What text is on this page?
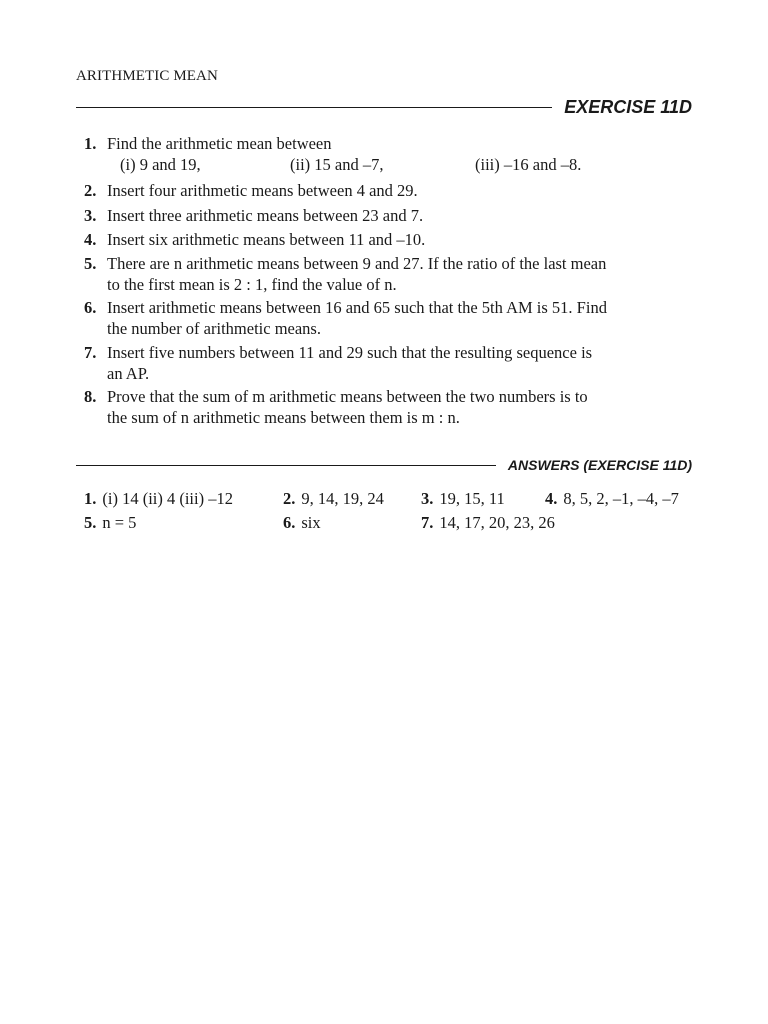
ARITHMETIC MEAN
EXERCISE 11D
1. Find the arithmetic mean between
(i) 9 and 19,	(ii) 15 and –7,	(iii) –16 and –8.
2. Insert four arithmetic means between 4 and 29.
3. Insert three arithmetic means between 23 and 7.
4. Insert six arithmetic means between 11 and –10.
5. There are n arithmetic means between 9 and 27. If the ratio of the last mean
to the first mean is 2 : 1, find the value of n.
6. Insert arithmetic means between 16 and 65 such that the 5th AM is 51. Find
the number of arithmetic means.
7. Insert five numbers between 11 and 29 such that the resulting sequence is
an AP.
8. Prove that the sum of m arithmetic means between the two numbers is to
the sum of n arithmetic means between them is m : n.
ANSWERS (EXERCISE 11D)
1. (i) 14 (ii) 4 (iii) –12	2. 9, 14, 19, 24 3. 19, 15, 11 4. 8, 5, 2, –1, –4, –7
5. n = 5	6. six	7. 14, 17, 20, 23, 26
